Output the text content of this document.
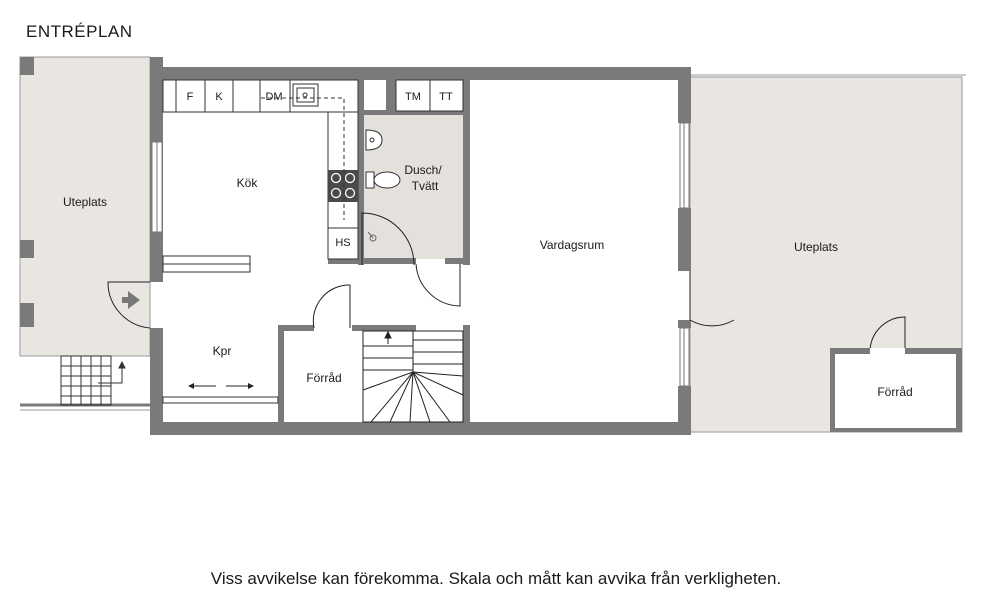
ENTRÉPLAN
F K	DM
HS
TM TT
Uteplats
Kök
Dusch/
Tvätt
Vardagsrum	Uteplats
Kpr
Förråd
Förråd
Viss avvikelse kan förekomma. Skala och mått kan avvika från verkligheten.
